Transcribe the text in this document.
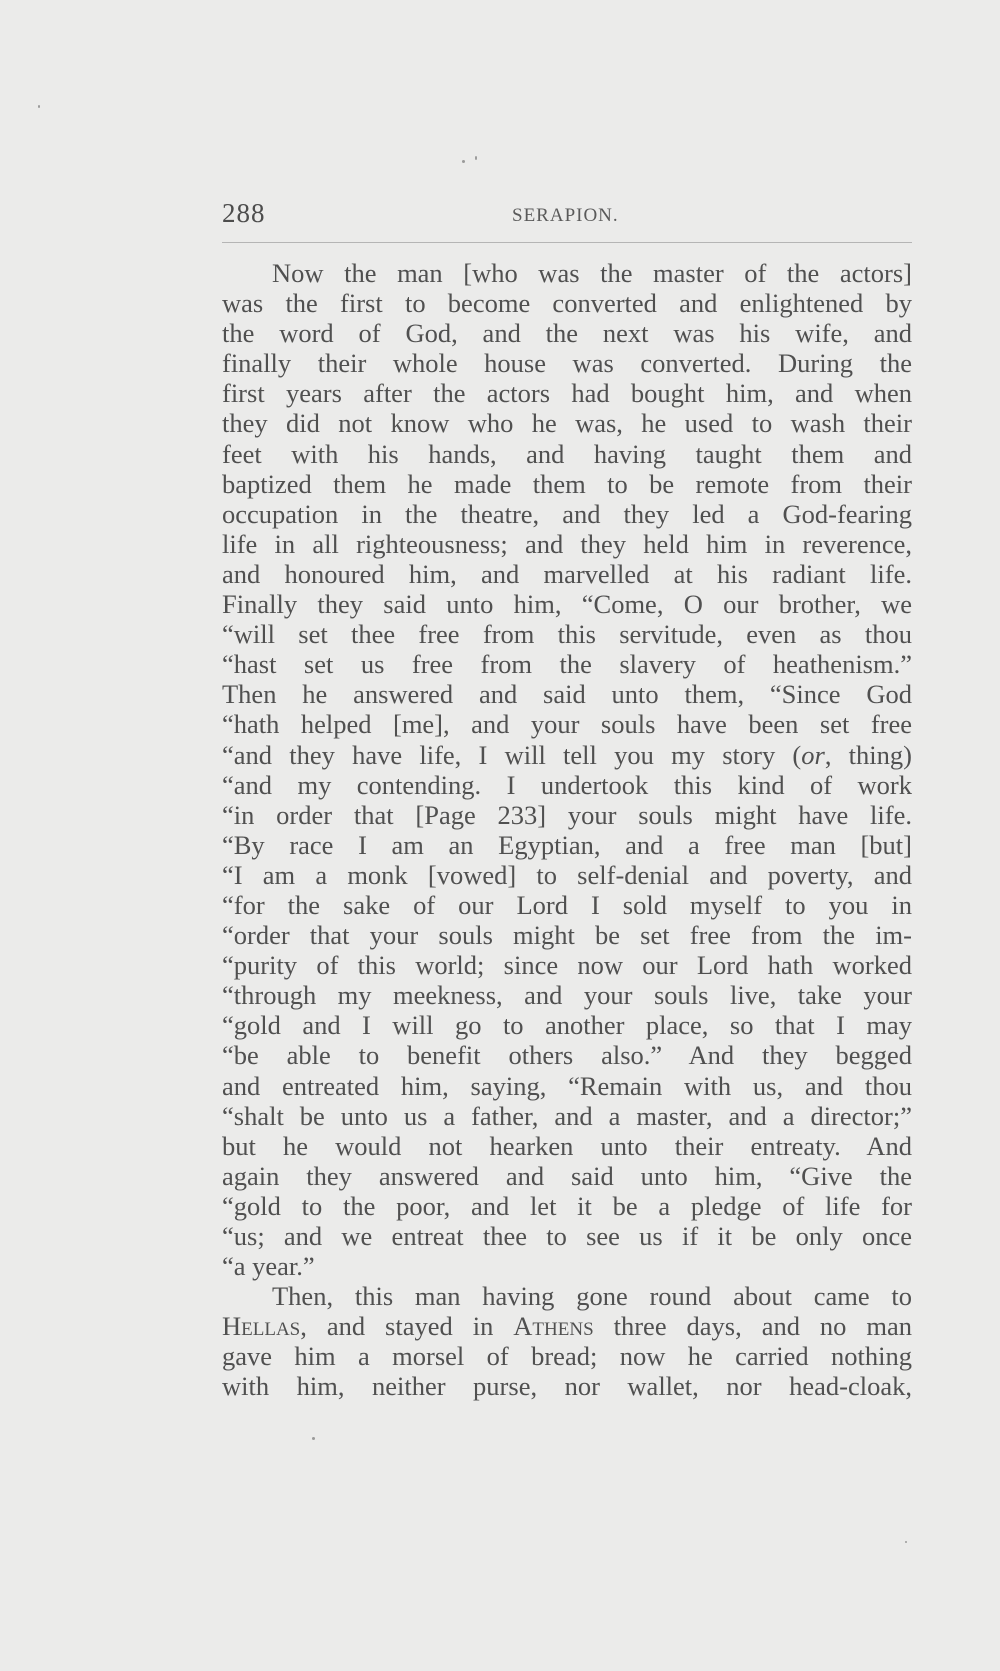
288	SERAPION.

Now the man [who was the master of the actors]
was the first to become converted and enlightened by
the word of God, and the next was his wife, and
finally their whole house was converted. During the
first years after the actors had bought him, and when
they did not know who he was, he used to wash their
feet with his hands, and having taught them and
baptized them he made them to be remote from their
occupation in the theatre, and they led a God-fearing
life in all righteousness; and they held him in reverence,
and honoured him, and marvelled at his radiant life.
Finally they said unto him, “Come, O our brother, we
“will set thee free from this servitude, even as thou
“hast set us free from the slavery of heathenism.”
Then he answered and said unto them, “Since God
“hath helped [me], and your souls have been set free
“and they have life, I will tell you my story (or, thing)
“and my contending. I undertook this kind of work
“in order that [Page 233] your souls might have life.
“By race I am an Egyptian, and a free man [but]
“I am a monk [vowed] to self-denial and poverty, and
“for the sake of our Lord I sold myself to you in
“order that your souls might be set free from the im-
“purity of this world; since now our Lord hath worked
“through my meekness, and your souls live, take your
“gold and I will go to another place, so that I may
“be able to benefit others also.” And they begged
and entreated him, saying, “Remain with us, and thou
“shalt be unto us a father, and a master, and a director;”
but he would not hearken unto their entreaty. And
again they answered and said unto him, “Give the
“gold to the poor, and let it be a pledge of life for
“us; and we entreat thee to see us if it be only once
“a year.”

Then, this man having gone round about came to
Hellas, and stayed in Athens three days, and no man
gave him a morsel of bread; now he carried nothing
with him, neither purse, nor wallet, nor head-cloak,
